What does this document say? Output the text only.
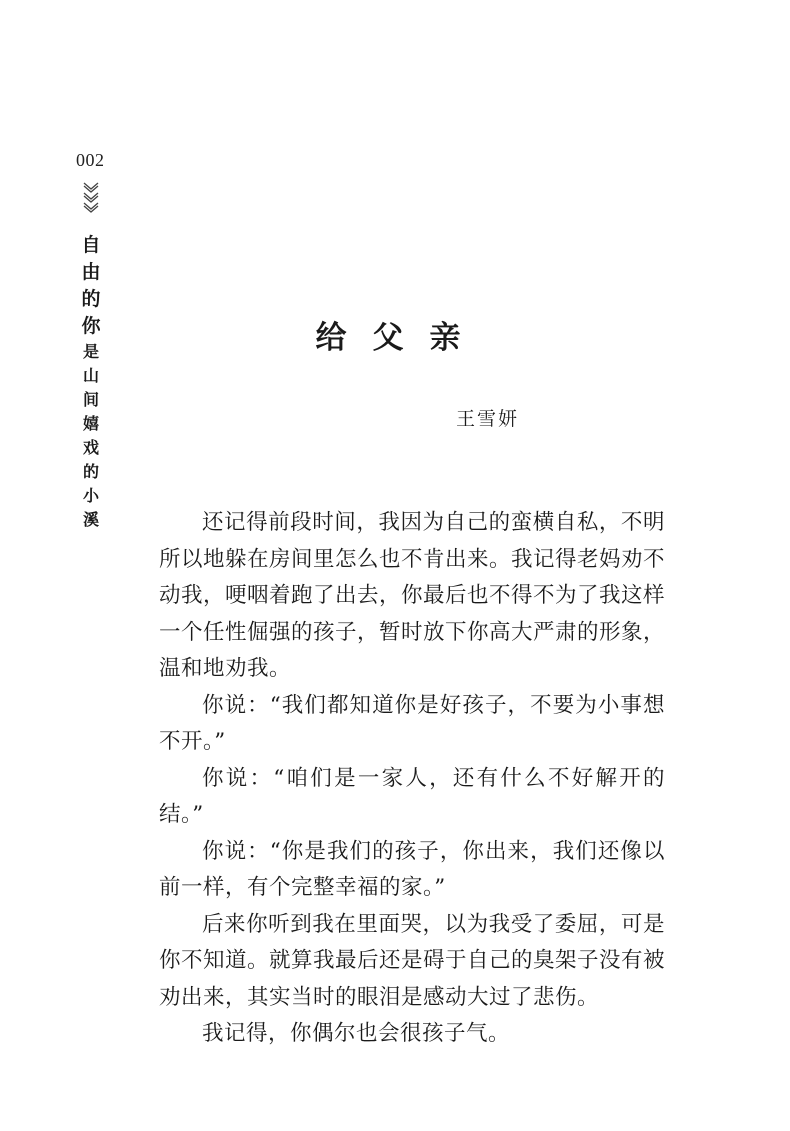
002
自由的你
是山间嬉戏的小溪
给父亲
王雪妍

还记得前段时间，我因为自己的蛮横自私，不明所以地躲在房间里怎么也不肯出来。我记得老妈劝不动我，哽咽着跑了出去，你最后也不得不为了我这样一个任性倔强的孩子，暂时放下你高大严肃的形象，温和地劝我。

你说：“我们都知道你是好孩子，不要为小事想不开。”

你说：“咱们是一家人，还有什么不好解开的结。”

你说：“你是我们的孩子，你出来，我们还像以前一样，有个完整幸福的家。”

后来你听到我在里面哭，以为我受了委屈，可是你不知道。就算我最后还是碍于自己的臭架子没有被劝出来，其实当时的眼泪是感动大过了悲伤。

我记得，你偶尔也会很孩子气。
